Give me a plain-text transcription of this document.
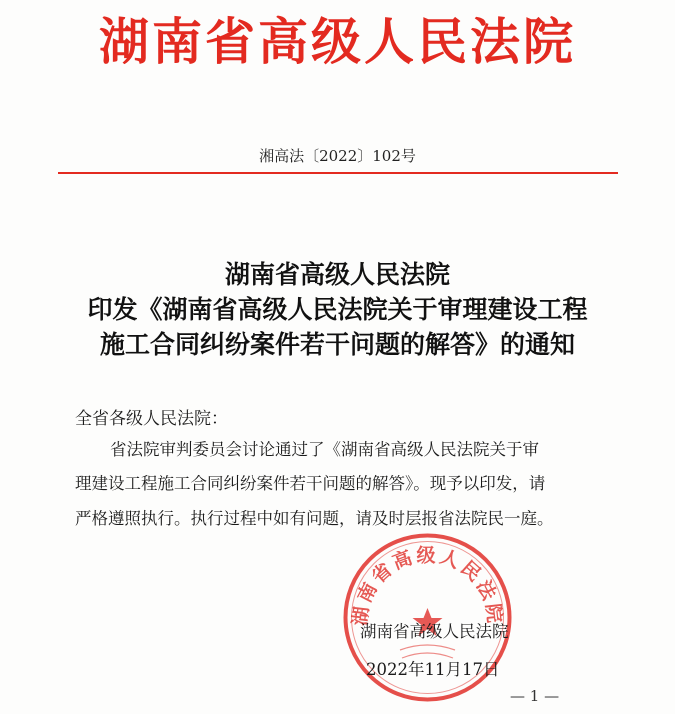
湖南省高级人民法院
湘高法〔2022〕102号
湖南省高级人民法院
印发《湖南省高级人民法院关于审理建设工程
施工合同纠纷案件若干问题的解答》的通知
全省各级人民法院：
省法院审判委员会讨论通过了《湖南省高级人民法院关于审
理建设工程施工合同纠纷案件若干问题的解答》。现予以印发，请
严格遵照执行。执行过程中如有问题，请及时层报省法院民一庭。
湖南省高级人民法院
湖南省高级人民法院
2022年11月17日
— 1 —
